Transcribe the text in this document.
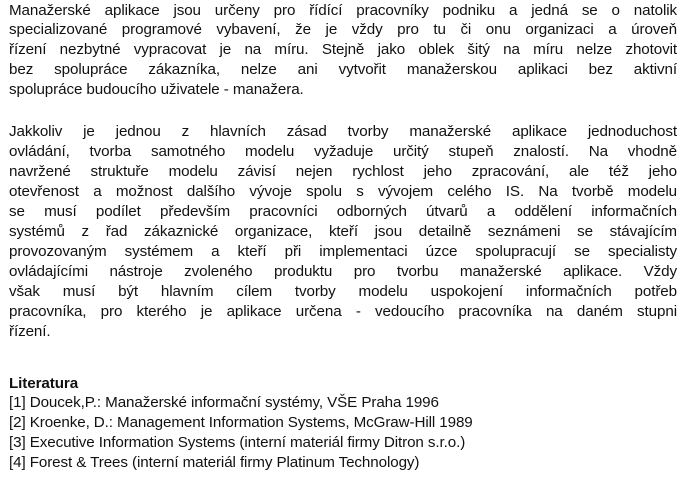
Manažerské aplikace jsou určeny pro řídící pracovníky podniku a jedná se o natolik
specializované programové vybavení, že je vždy pro tu či onu organizaci a úroveň
řízení nezbytné vypracovat je na míru. Stejně jako oblek šitý na míru nelze zhotovit
bez spolupráce zákazníka, nelze ani vytvořit manažerskou aplikaci bez aktivní
spolupráce budoucího uživatele - manažera.
Jakkoliv je jednou z hlavních zásad tvorby manažerské aplikace jednoduchost
ovládání, tvorba samotného modelu vyžaduje určitý stupeň znalostí. Na vhodně
navržené struktuře modelu závisí nejen rychlost jeho zpracování, ale též jeho
otevřenost a možnost dalšího vývoje spolu s vývojem celého IS. Na tvorbě modelu
se musí podílet především pracovníci odborných útvarů a oddělení informačních
systémů z řad zákaznické organizace, kteří jsou detailně seznámeni se stávajícím
provozovaným systémem a kteří při implementaci úzce spolupracují se specialisty
ovládajícími nástroje zvoleného produktu pro tvorbu manažerské aplikace. Vždy
však musí být hlavním cílem tvorby modelu uspokojení informačních potřeb
pracovníka, pro kterého je aplikace určena - vedoucího pracovníka na daném stupni
řízení.
Literatura
[1] Doucek,P.: Manažerské informační systémy, VŠE Praha 1996
[2] Kroenke, D.: Management Information Systems, McGraw-Hill 1989
[3] Executive Information Systems (interní materiál firmy Ditron s.r.o.)
[4] Forest & Trees (interní materiál firmy Platinum Technology)
